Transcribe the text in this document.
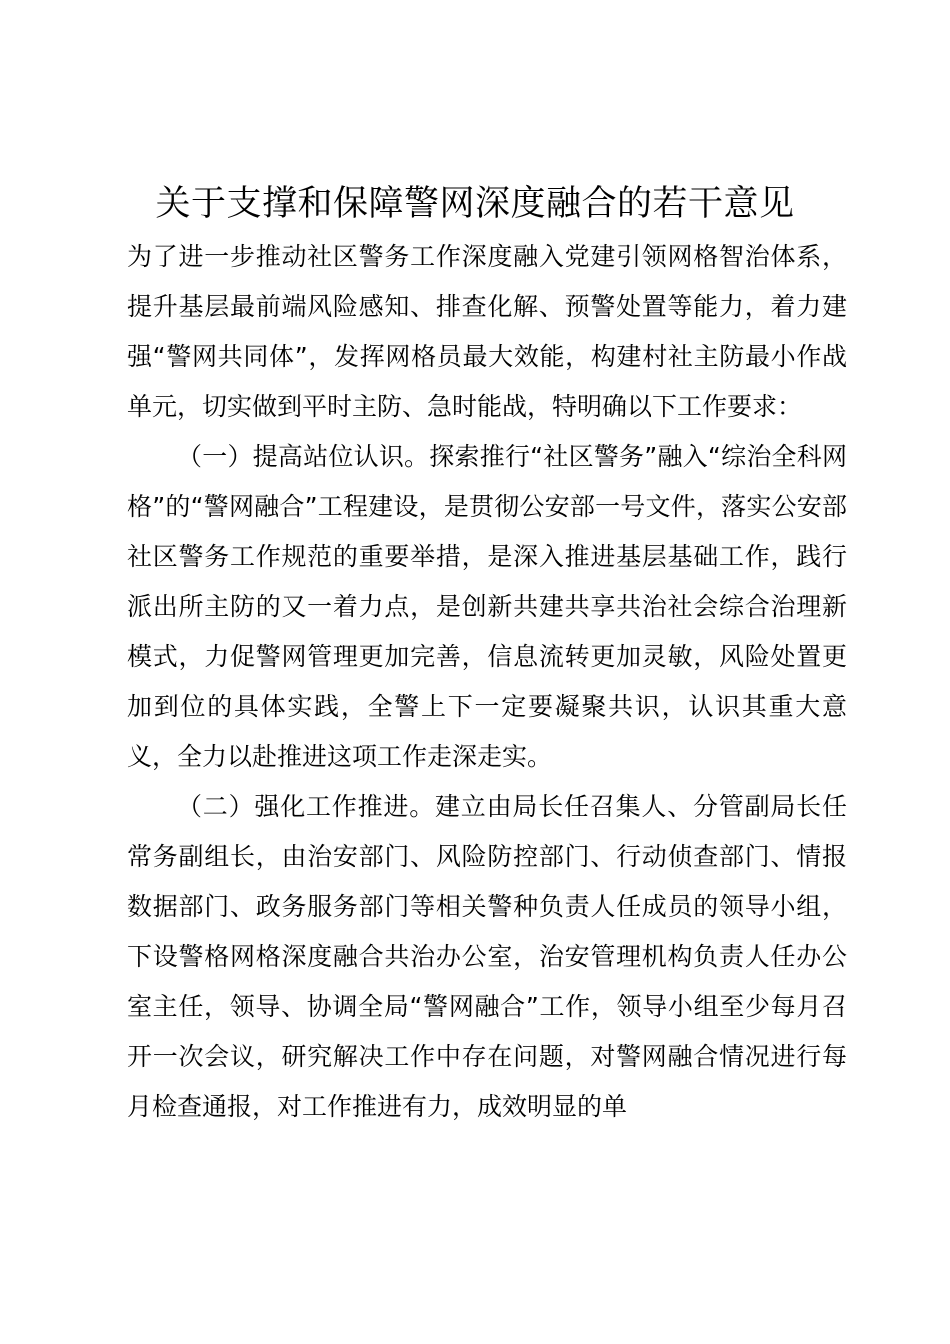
关于支撑和保障警网深度融合的若干意见

为了进一步推动社区警务工作深度融入党建引领网格智治体系，提升基层最前端风险感知、排查化解、预警处置等能力，着力建强“警网共同体”，发挥网格员最大效能，构建村社主防最小作战单元，切实做到平时主防、急时能战，特明确以下工作要求：

（一）提高站位认识。探索推行“社区警务”融入“综治全科网格”的“警网融合”工程建设，是贯彻公安部一号文件，落实公安部社区警务工作规范的重要举措，是深入推进基层基础工作，践行派出所主防的又一着力点，是创新共建共享共治社会综合治理新模式，力促警网管理更加完善，信息流转更加灵敏，风险处置更加到位的具体实践，全警上下一定要凝聚共识，认识其重大意义，全力以赴推进这项工作走深走实。

（二）强化工作推进。建立由局长任召集人、分管副局长任常务副组长，由治安部门、风险防控部门、行动侦查部门、情报数据部门、政务服务部门等相关警种负责人任成员的领导小组，下设警格网格深度融合共治办公室，治安管理机构负责人任办公室主任，领导、协调全局“警网融合”工作，领导小组至少每月召开一次会议，研究解决工作中存在问题，对警网融合情况进行每月检查通报，对工作推进有力，成效明显的单
